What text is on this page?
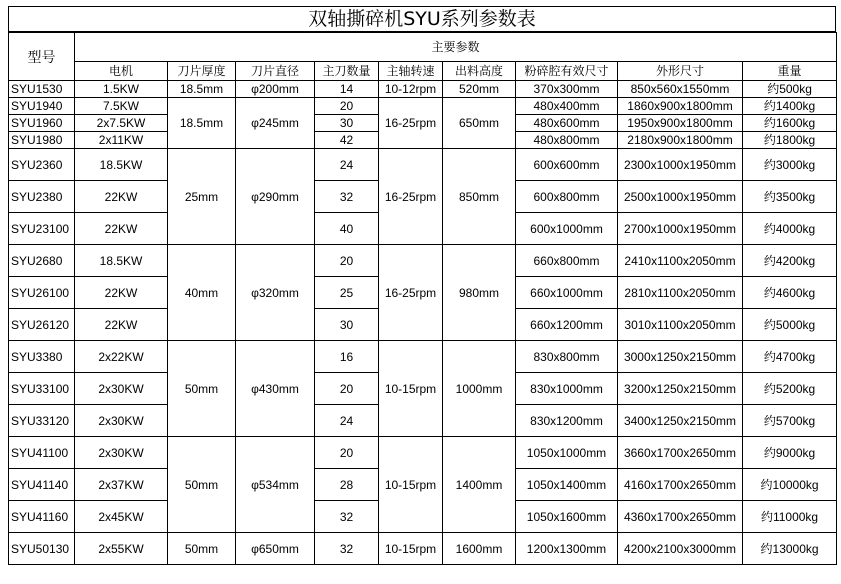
双轴撕碎机SYU系列参数表
型号	主要参数								
	电机	刀片厚度	刀片直径	主刀数量	主轴转速	出料高度	粉碎腔有效尺寸	外形尺寸	重量
SYU1530	1.5KW	18.5mm	φ200mm	14	10-12rpm	520mm	370x300mm	850x560x1550mm	约500kg
SYU1940	7.5KW	18.5mm	φ245mm	20	16-25rpm	650mm	480x400mm	1860x900x1800mm	约1400kg
SYU1960	2x7.5KW			30			480x600mm	1950x900x1800mm	约1600kg
SYU1980	2x11KW			42			480x800mm	2180x900x1800mm	约1800kg
SYU2360	18.5KW	25mm	φ290mm	24	16-25rpm	850mm	600x600mm	2300x1000x1950mm	约3000kg
SYU2380	22KW			32			600x800mm	2500x1000x1950mm	约3500kg
SYU23100	22KW			40			600x1000mm	2700x1000x1950mm	约4000kg
SYU2680	18.5KW	40mm	φ320mm	20	16-25rpm	980mm	660x800mm	2410x1100x2050mm	约4200kg
SYU26100	22KW			25			660x1000mm	2810x1100x2050mm	约4600kg
SYU26120	22KW			30			660x1200mm	3010x1100x2050mm	约5000kg
SYU3380	2x22KW	50mm	φ430mm	16	10-15rpm	1000mm	830x800mm	3000x1250x2150mm	约4700kg
SYU33100	2x30KW			20			830x1000mm	3200x1250x2150mm	约5200kg
SYU33120	2x30KW			24			830x1200mm	3400x1250x2150mm	约5700kg
SYU41100	2x30KW	50mm	φ534mm	20	10-15rpm	1400mm	1050x1000mm	3660x1700x2650mm	约9000kg
SYU41140	2x37KW			28			1050x1400mm	4160x1700x2650mm	约10000kg
SYU41160	2x45KW			32			1050x1600mm	4360x1700x2650mm	约11000kg
SYU50130	2x55KW	50mm	φ650mm	32	10-15rpm	1600mm	1200x1300mm	4200x2100x3000mm	约13000kg
